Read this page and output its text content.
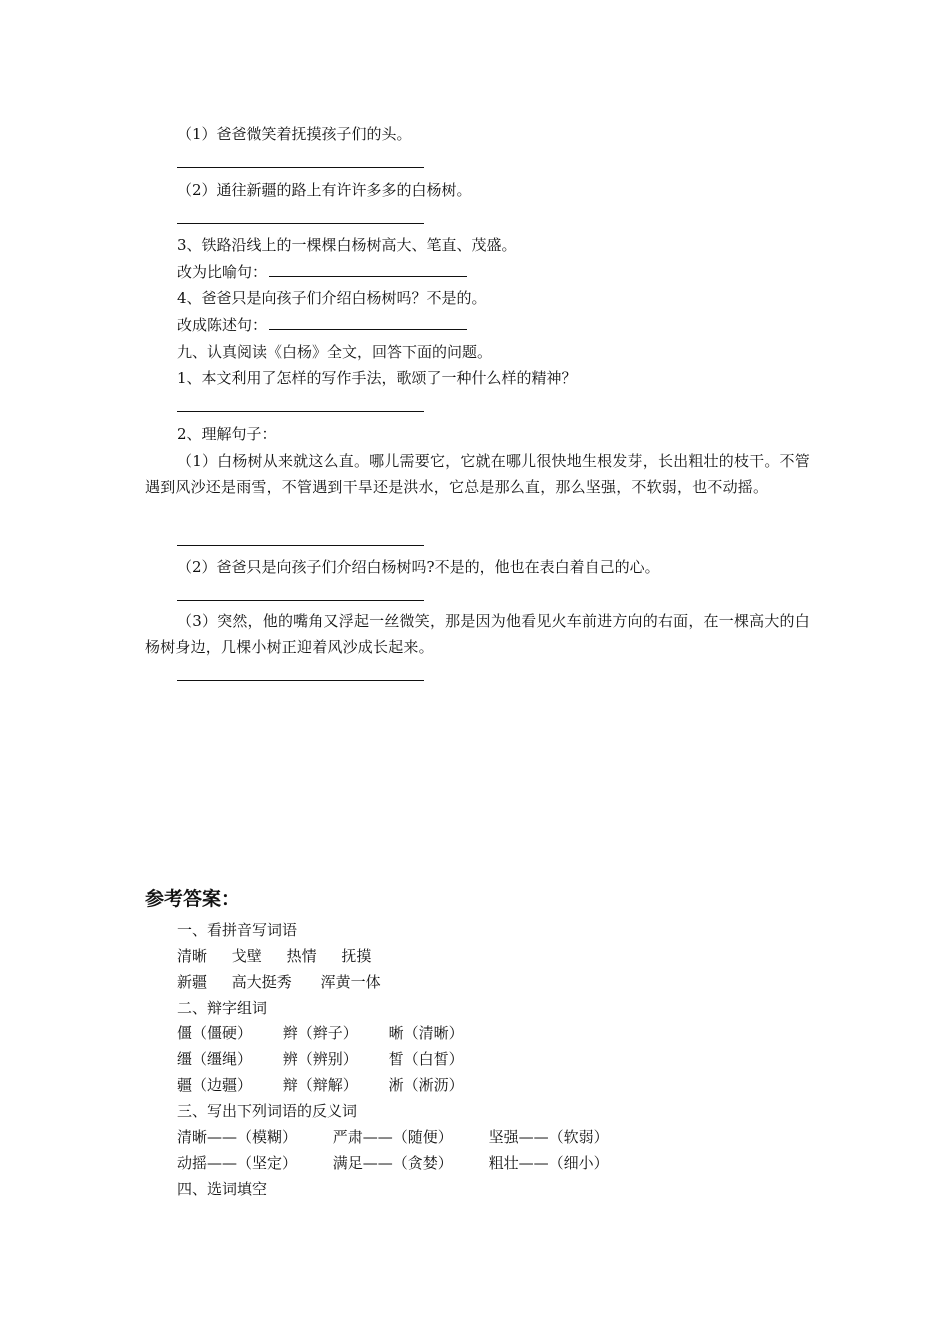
（1）爸爸微笑着抚摸孩子们的头。
（2）通往新疆的路上有许许多多的白杨树。
3、铁路沿线上的一棵棵白杨树高大、笔直、茂盛。
改为比喻句：
4、爸爸只是向孩子们介绍白杨树吗？不是的。
改成陈述句：
九、认真阅读《白杨》全文，回答下面的问题。
1、本文利用了怎样的写作手法，歌颂了一种什么样的精神？
2、理解句子：
（1）白杨树从来就这么直。哪儿需要它，它就在哪儿很快地生根发芽，长出粗壮的枝干。不管遇到风沙还是雨雪，不管遇到干旱还是洪水，它总是那么直，那么坚强，不软弱，也不动摇。
（2）爸爸只是向孩子们介绍白杨树吗?不是的，他也在表白着自己的心。
（3）突然，他的嘴角又浮起一丝微笑，那是因为他看见火车前进方向的右面，在一棵高大的白杨树身边，几棵小树正迎着风沙成长起来。
参考答案：
一、看拼音写词语
清晰 戈壁 热情 抚摸
新疆 高大挺秀 浑黄一体
二、辩字组词
僵（僵硬） 辫（辫子） 晰（清晰）
缰（缰绳） 辨（辨别） 皙（白皙）
疆（边疆） 辩（辩解） 淅（淅沥）
三、写出下列词语的反义词
清晰——（模糊） 严肃——（随便） 坚强——（软弱）
动摇——（坚定） 满足——（贪婪） 粗壮——（细小）
四、选词填空
